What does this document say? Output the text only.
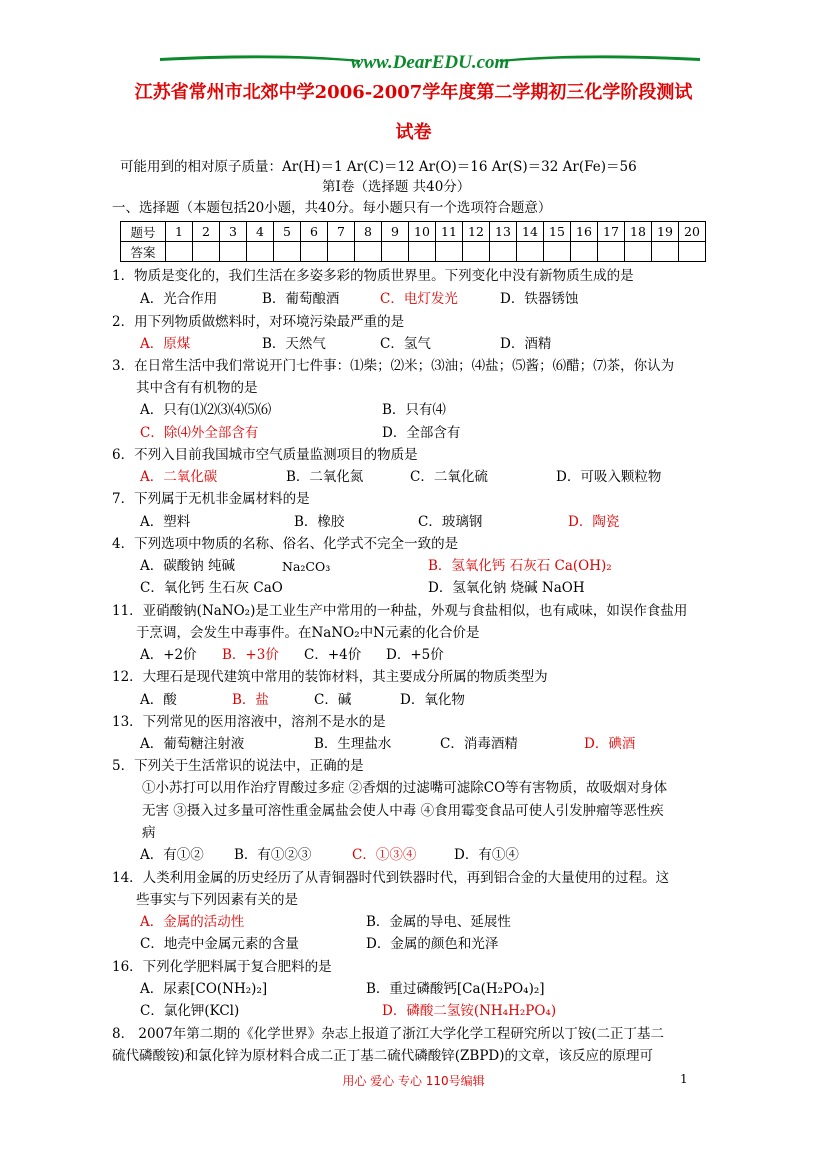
www.DearEDU.com
江苏省常州市北郊中学2006-2007学年度第二学期初三化学阶段测试
试卷
可能用到的相对原子质量：Ar(H)＝1 Ar(C)＝12 Ar(O)＝16 Ar(S)＝32 Ar(Fe)＝56
第Ⅰ卷（选择题 共40分）
一、选择题（本题包括20小题，共40分。每小题只有一个选项符合题意）
题号	1	2	3	4	5	6	7	8	9	10	11	12	13	14	15	16	17	18	19	20
答案																				
1．物质是变化的，我们生活在多姿多彩的物质世界里。下列变化中没有新物质生成的是
A．光合作用	B．葡萄酿酒	C．电灯发光	D．铁器锈蚀
2．用下列物质做燃料时，对环境污染最严重的是
A．原煤	B．天然气	C．氢气	D．酒精
3．在日常生活中我们常说开门七件事：⑴柴；⑵米；⑶油；⑷盐；⑸酱；⑹醋；⑺茶，你认为
其中含有有机物的是
A．只有⑴⑵⑶⑷⑸⑹	B．只有⑷
C．除⑷外全部含有	D．全部含有
6．不列入目前我国城市空气质量监测项目的物质是
A．二氧化碳	B．二氧化氮	C．二氧化硫	D．可吸入颗粒物
7．下列属于无机非金属材料的是
A．塑料	B．橡胶	C．玻璃钢	D．陶瓷
4．下列选项中物质的名称、俗名、化学式不完全一致的是
A．碳酸钠 纯碱	Na₂CO₃	B．氢氧化钙 石灰石 Ca(OH)₂
C．氧化钙 生石灰 CaO	D．氢氧化钠 烧碱 NaOH
11．亚硝酸钠(NaNO₂)是工业生产中常用的一种盐，外观与食盐相似，也有咸味，如误作食盐用
于烹调，会发生中毒事件。在NaNO₂中N元素的化合价是
A．+2价 B．+3价 C．+4价 D．+5价
12．大理石是现代建筑中常用的装饰材料，其主要成分所属的物质类型为
A．酸	B．盐	C．碱	D．氧化物
13．下列常见的医用溶液中，溶剂不是水的是
A．葡萄糖注射液	B．生理盐水	C．消毒酒精	D．碘酒
5．下列关于生活常识的说法中，正确的是
①小苏打可以用作治疗胃酸过多症 ②香烟的过滤嘴可滤除CO等有害物质，故吸烟对身体
无害 ③摄入过多量可溶性重金属盐会使人中毒 ④食用霉变食品可使人引发肿瘤等恶性疾
病
A．有①② B．有①②③	C．①③④	D．有①④
14．人类利用金属的历史经历了从青铜器时代到铁器时代，再到铝合金的大量使用的过程。这
些事实与下列因素有关的是
A．金属的活动性	B．金属的导电、延展性
C．地壳中金属元素的含量	D．金属的颜色和光泽
16．下列化学肥料属于复合肥料的是
A．尿素[CO(NH₂)₂]	B．重过磷酸钙[Ca(H₂PO₄)₂]
C．氯化钾(KCl)	D．磷酸二氢铵(NH₄H₂PO₄)
8． 2007年第二期的《化学世界》杂志上报道了浙江大学化学工程研究所以丁铵(二正丁基二
硫代磷酸铵)和氯化锌为原材料合成二正丁基二硫代磷酸锌(ZBPD)的文章，该反应的原理可
用心 爱心 专心 110号编辑	1
